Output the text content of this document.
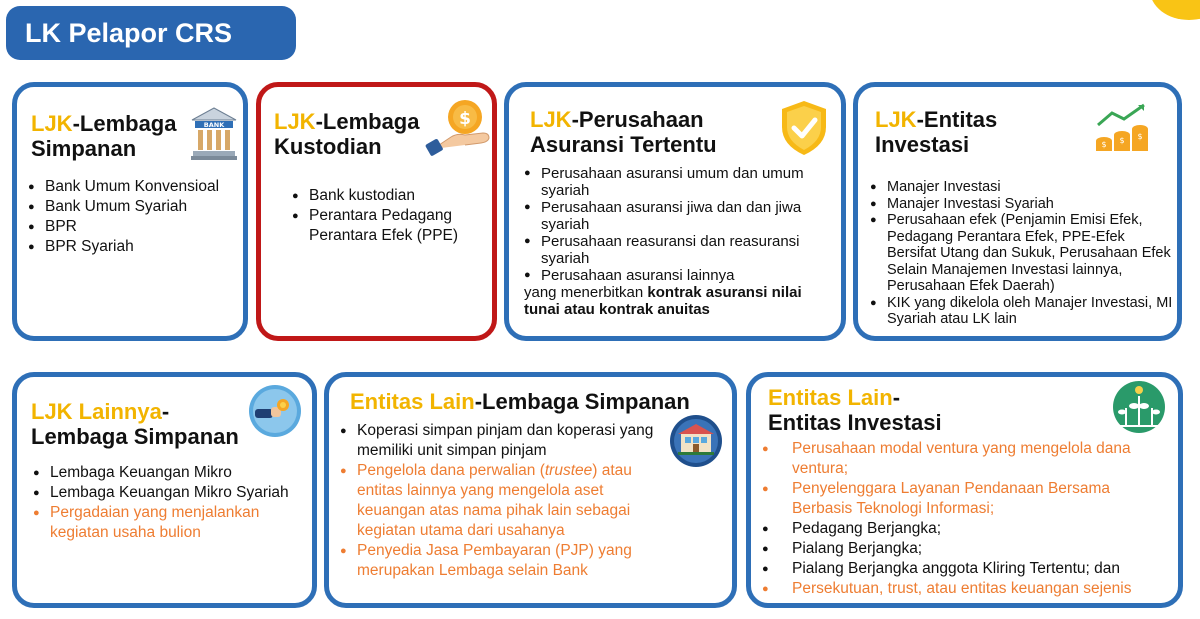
LK Pelapor CRS
LJK-Lembaga
Simpanan
BANK
● Bank Umum Konvensioal
● Bank Umum Syariah
● BPR
● BPR Syariah
LJK-Lembaga
Kustodian
$
● Bank kustodian
● Perantara Pedagang Perantara Efek (PPE)
LJK-Perusahaan
Asuransi Tertentu
● Perusahaan asuransi umum dan umum syariah
● Perusahaan asuransi jiwa dan dan jiwa syariah
● Perusahaan reasuransi dan reasuransi syariah
● Perusahaan asuransi lainnya
yang menerbitkan kontrak asuransi nilai
tunai atau kontrak anuitas
LJK-Entitas
Investasi	$ $ $
● Manajer Investasi
● Manajer Investasi Syariah
● Perusahaan efek (Penjamin Emisi Efek, Pedagang Perantara Efek, PPE-Efek Bersifat Utang dan Sukuk, Perusahaan Efek Selain Manajemen Investasi lainnya, Perusahaan Efek Daerah)
● KIK yang dikelola oleh Manajer Investasi, MI Syariah atau LK lain
LJK Lainnya-
Lembaga Simpanan
● Lembaga Keuangan Mikro
● Lembaga Keuangan Mikro Syariah
● Pergadaian yang menjalankan kegiatan usaha bulion
Entitas Lain-Lembaga Simpanan
● Koperasi simpan pinjam dan koperasi yang memiliki unit simpan pinjam
● Pengelola dana perwalian (trustee) atau entitas lainnya yang mengelola aset keuangan atas nama pihak lain sebagai kegiatan utama dari usahanya
● Penyedia Jasa Pembayaran (PJP) yang merupakan Lembaga selain Bank
Entitas Lain-
Entitas Investasi
● Perusahaan modal ventura yang mengelola dana ventura;
● Penyelenggara Layanan Pendanaan Bersama Berbasis Teknologi Informasi;
● Pedagang Berjangka;
● Pialang Berjangka;
● Pialang Berjangka anggota Kliring Tertentu; dan
● Persekutuan, trust, atau entitas keuangan sejenis
